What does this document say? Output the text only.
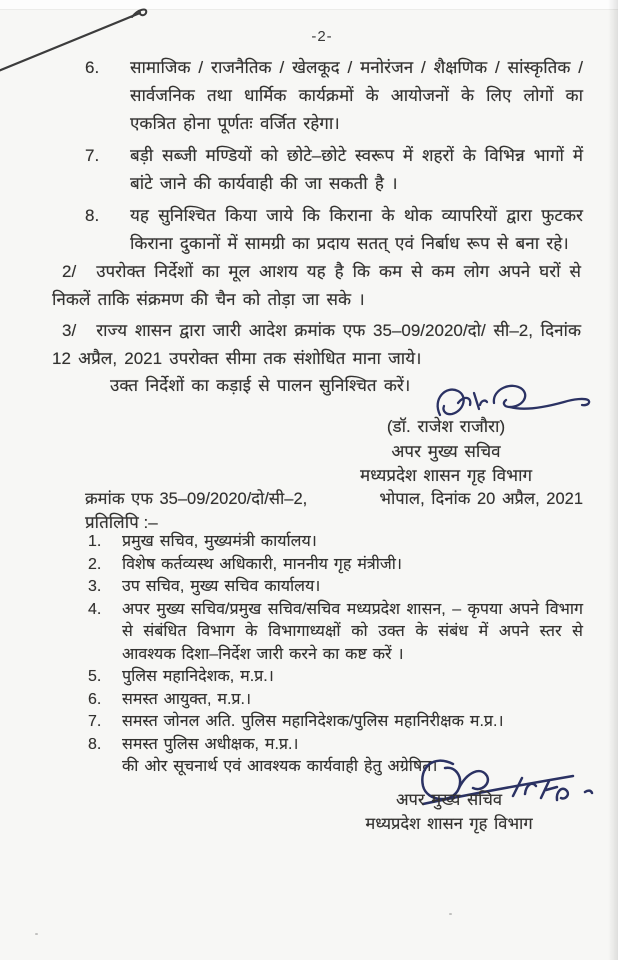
-2-
6. सामाजिक / राजनैतिक / खेलकूद / मनोरंजन / शैक्षणिक / सांस्कृतिक / सार्वजनिक तथा धार्मिक कार्यक्रमों के आयोजनों के लिए लोगों का एकत्रित होना पूर्णतः वर्जित रहेगा।
7. बड़ी सब्जी मण्डियों को छोटे–छोटे स्वरूप में शहरों के विभिन्न भागों में बांटे जाने की कार्यवाही की जा सकती है ।
8. यह सुनिश्चित किया जाये कि किराना के थोक व्यापरियों द्वारा फुटकर किराना दुकानों में सामग्री का प्रदाय सतत् एवं निर्बाध रूप से बना रहे।
2/ उपरोक्त निर्देशों का मूल आशय यह है कि कम से कम लोग अपने घरों से निकलें ताकि संक्रमण की चैन को तोड़ा जा सके ।
3/ राज्य शासन द्वारा जारी आदेश क्रमांक एफ 35–09/2020/दो/ सी–2, दिनांक 12 अप्रैल, 2021 उपरोक्त सीमा तक संशोधित माना जाये।
उक्त निर्देशों का कड़ाई से पालन सुनिश्चित करें।
(डॉ. राजेश राजौरा)
अपर मुख्य सचिव
मध्यप्रदेश शासन गृह विभाग
क्रमांक एफ 35–09/2020/दो/सी–2,	भोपाल, दिनांक 20 अप्रैल, 2021
प्रतिलिपि :–
1. प्रमुख सचिव, मुख्यमंत्री कार्यालय।
2. विशेष कर्तव्यस्थ अधिकारी, माननीय गृह मंत्रीजी।
3. उप सचिव, मुख्य सचिव कार्यालय।
4. अपर मुख्य सचिव/प्रमुख सचिव/सचिव मध्यप्रदेश शासन, – कृपया अपने विभाग से संबंधित विभाग के विभागाध्यक्षों को उक्त के संबंध में अपने स्तर से आवश्यक दिशा–निर्देश जारी करने का कष्ट करें ।
5. पुलिस महानिदेशक, म.प्र.।
6. समस्त आयुक्त, म.प्र.।
7. समस्त जोनल अति. पुलिस महानिदेशक/पुलिस महानिरीक्षक म.प्र.।
8. समस्त पुलिस अधीक्षक, म.प्र.।
की ओर सूचनार्थ एवं आवश्यक कार्यवाही हेतु अग्रेषित।
अपर मुख्य सचिव
मध्यप्रदेश शासन गृह विभाग
